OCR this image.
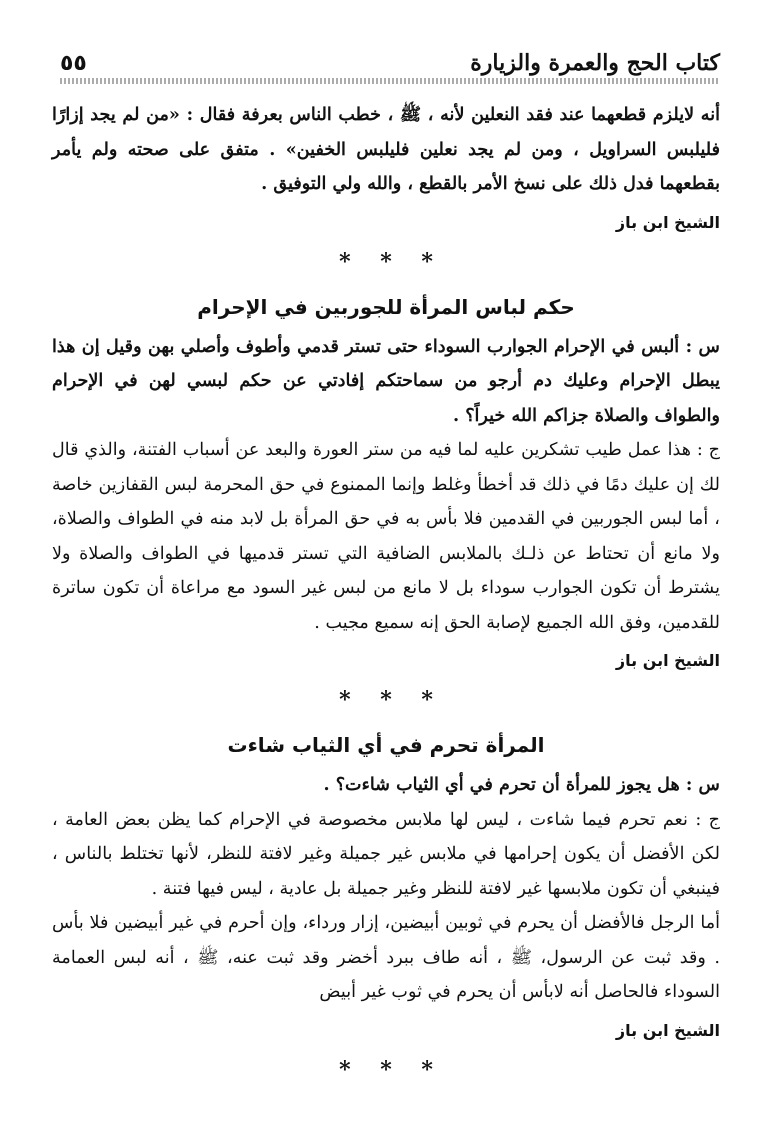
٥٥	كتاب الحج والعمرة والزيارة

أنه لايلزم قطعهما عند فقد النعلين لأنه ، ﷺ ، خطب الناس بعرفة فقال : «من لم يجد إزارًا فليلبس السراويل ، ومن لم يجد نعلين فليلبس الخفين» . متفق على صحته ولم يأمر بقطعهما فدل ذلك على نسخ الأمر بالقطع ، والله ولي التوفيق .

الشيخ ابن باز
* * *
حكم لباس المرأة للجوربين في الإحرام

س : ألبس في الإحرام الجوارب السوداء حتى تستر قدمي وأطوف وأصلي بهن وقيل إن هذا يبطل الإحرام وعليك دم أرجو من سماحتكم إفادتي عن حكم لبسي لهن في الإحرام والطواف والصلاة جزاكم الله خيراً؟ .

ج : هذا عمل طيب تشكرين عليه لما فيه من ستر العورة والبعد عن أسباب الفتنة، والذي قال لك إن عليك دمًا في ذلك قد أخطأ وغلط وإنما الممنوع في حق المحرمة لبس القفازين خاصة ، أما لبس الجوربين في القدمين فلا بأس به في حق المرأة بل لابد منه في الطواف والصلاة، ولا مانع أن تحتاط عن ذلـك بالملابس الضافية التي تستر قدميها في الطواف والصلاة ولا يشترط أن تكون الجوارب سوداء بل لا مانع من لبس غير السود مع مراعاة أن تكون ساترة للقدمين، وفق الله الجميع لإصابة الحق إنه سميع مجيب .

الشيخ ابن باز
* * *
المرأة تحرم في أي الثياب شاءت

س : هل يجوز للمرأة أن تحرم في أي الثياب شاءت؟ .

ج : نعم تحرم فيما شاءت ، ليس لها ملابس مخصوصة في الإحرام كما يظن بعض العامة ، لكن الأفضل أن يكون إحرامها في ملابس غير جميلة وغير لافتة للنظر، لأنها تختلط بالناس ، فينبغي أن تكون ملابسها غير لافتة للنظر وغير جميلة بل عادية ، ليس فيها فتنة .

أما الرجل فالأفضل أن يحرم في ثوبين أبيضين، إزار ورداء، وإن أحرم في غير أبيضين فلا بأس . وقد ثبت عن الرسول، ﷺ ، أنه طاف ببرد أخضر وقد ثبت عنه، ﷺ ، أنه لبس العمامة السوداء فالحاصل أنه لابأس أن يحرم في ثوب غير أبيض

الشيخ ابن باز
* * *
